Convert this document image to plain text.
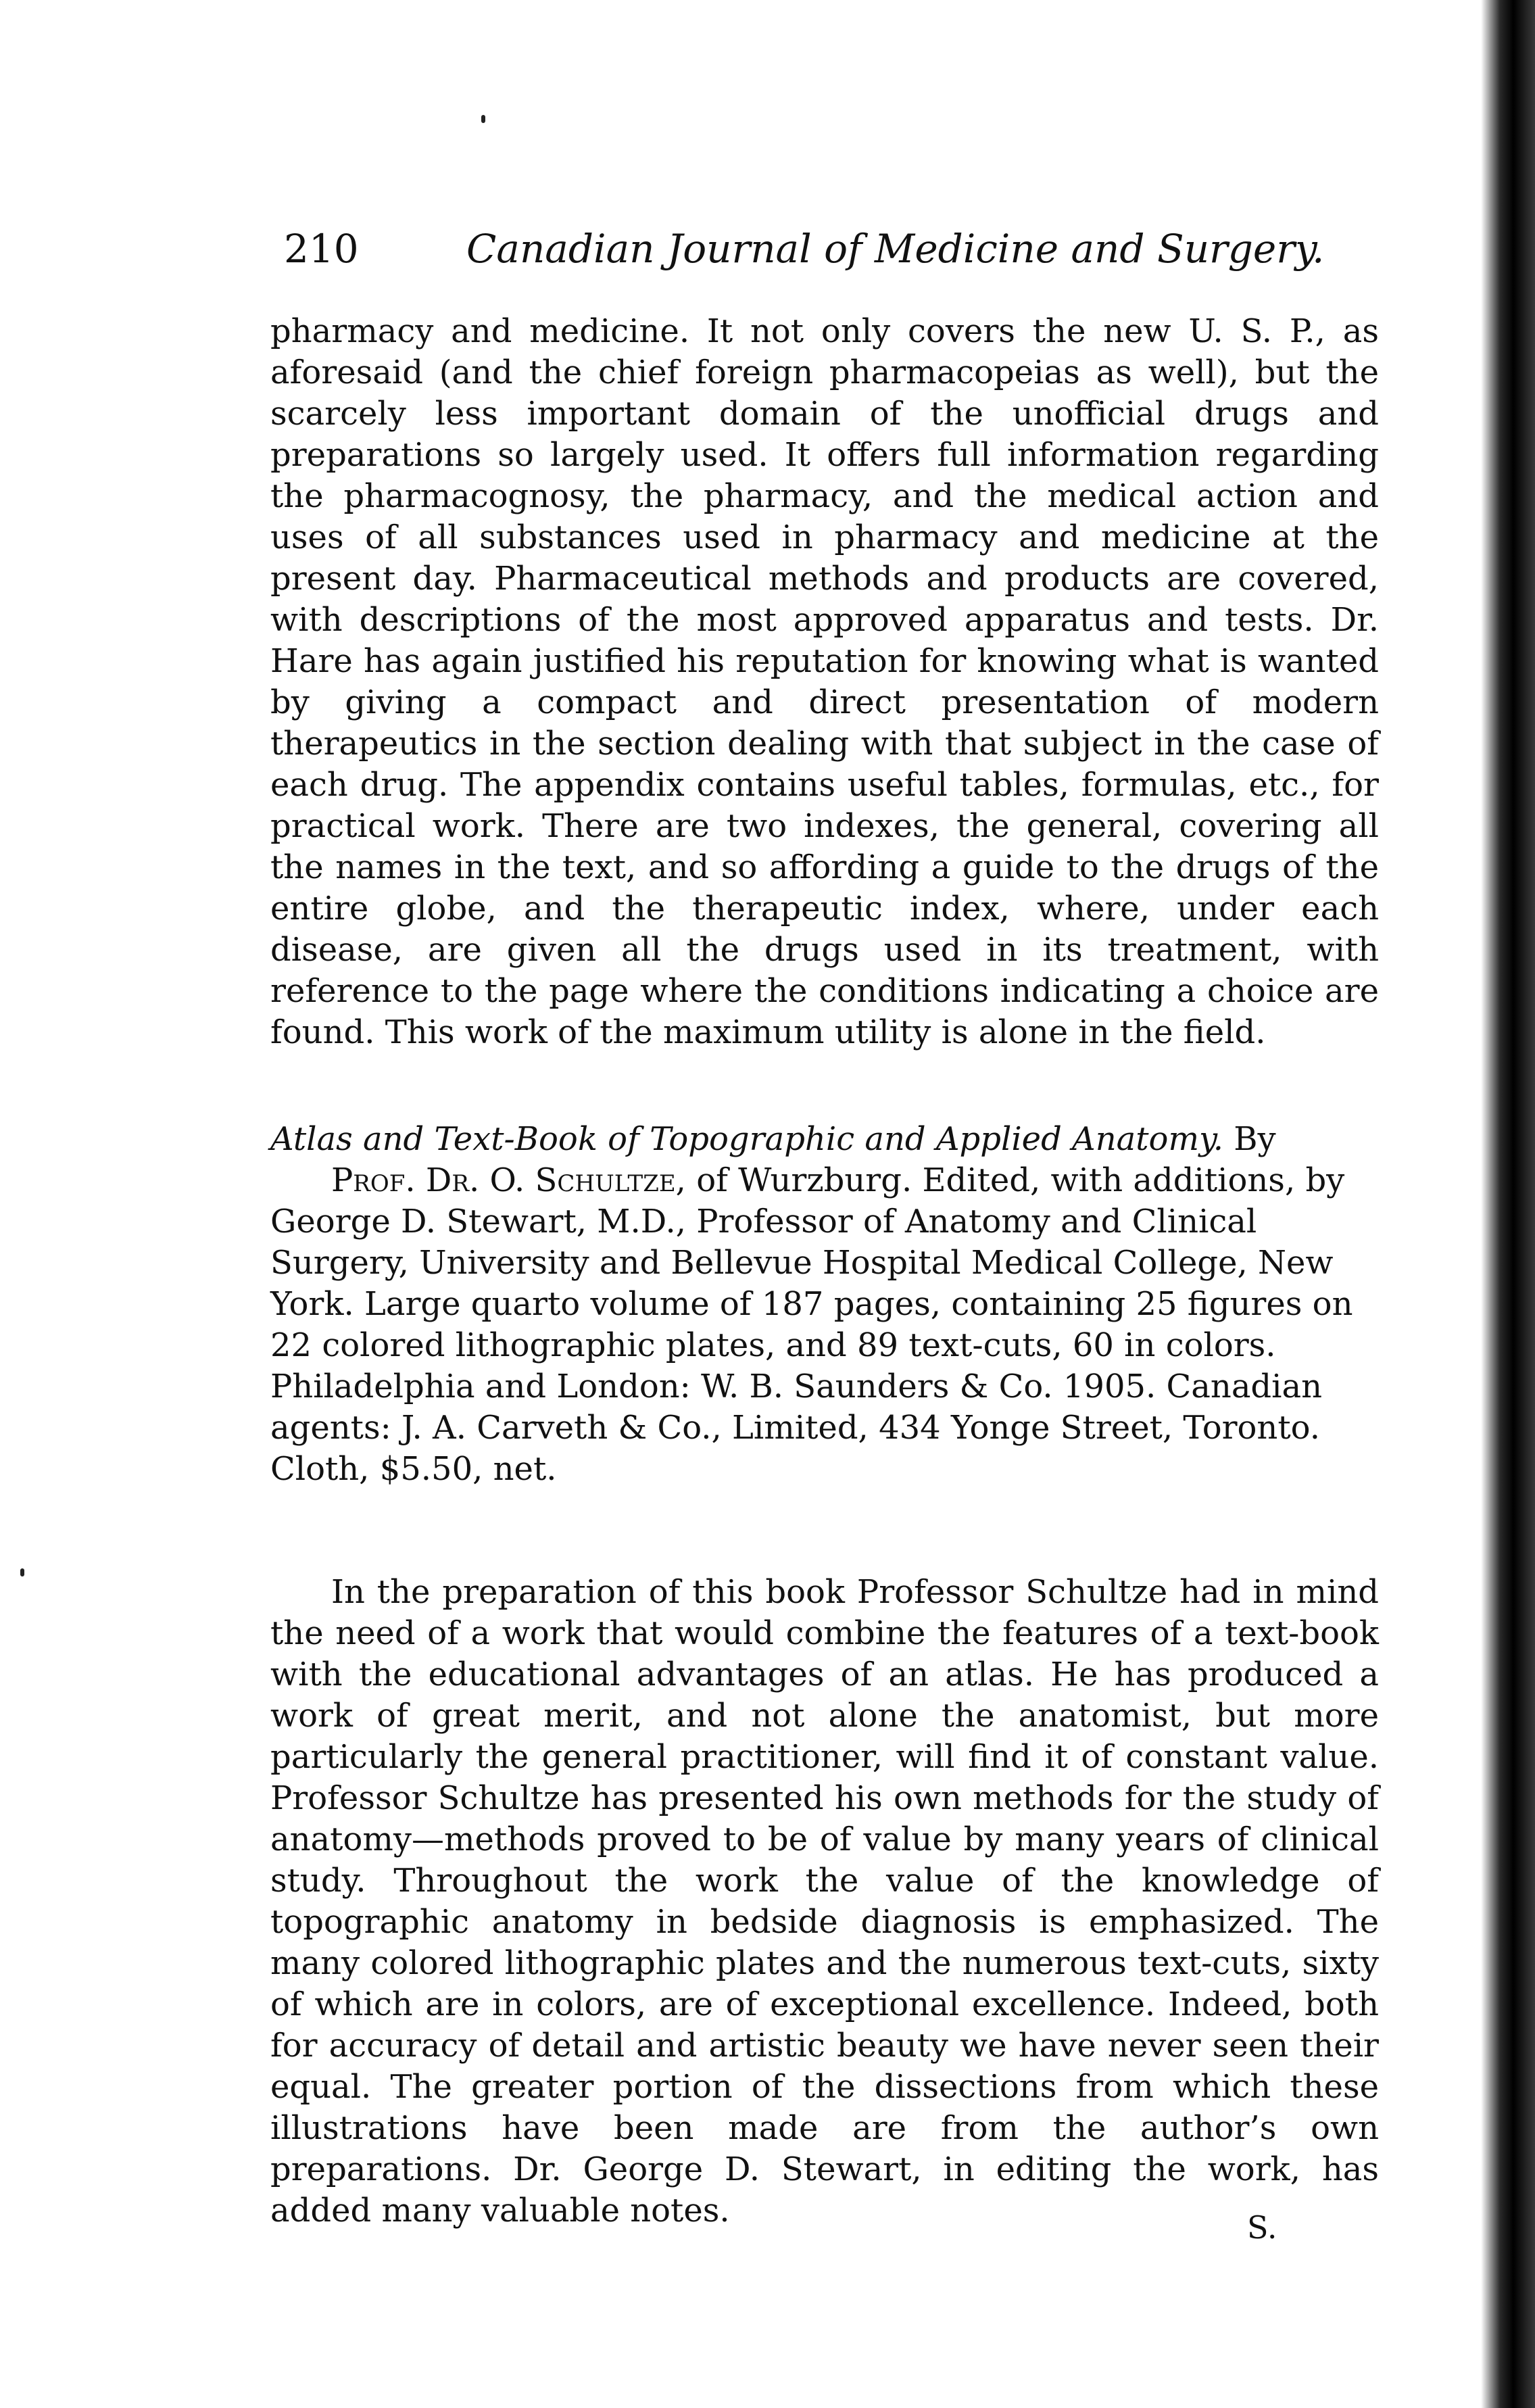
210	Canadian Journal of Medicine and Surgery.

pharmacy and medicine. It not only covers the new U. S. P., as aforesaid (and the chief foreign pharmacopeias as well), but the scarcely less important domain of the unofficial drugs and preparations so largely used. It offers full information regarding the pharmacognosy, the pharmacy, and the medical action and uses of all substances used in pharmacy and medicine at the present day. Pharmaceutical methods and products are covered, with descriptions of the most approved apparatus and tests. Dr. Hare has again justified his reputation for knowing what is wanted by giving a compact and direct presentation of modern therapeutics in the section dealing with that subject in the case of each drug. The appendix contains useful tables, formulas, etc., for practical work. There are two indexes, the general, covering all the names in the text, and so affording a guide to the drugs of the entire globe, and the therapeutic index, where, under each disease, are given all the drugs used in its treatment, with reference to the page where the conditions indicating a choice are found. This work of the maximum utility is alone in the field.

Atlas and Text-Book of Topographic and Applied Anatomy. By
Prof. Dr. O. Schultze, of Wurzburg. Edited, with additions, by George D. Stewart, M.D., Professor of Anatomy and Clinical Surgery, University and Bellevue Hospital Medical College, New York. Large quarto volume of 187 pages, containing 25 figures on 22 colored lithographic plates, and 89 text-cuts, 60 in colors. Philadelphia and London: W. B. Saunders & Co. 1905. Canadian agents: J. A. Carveth & Co., Limited, 434 Yonge Street, Toronto. Cloth, $5.50, net.

In the preparation of this book Professor Schultze had in mind the need of a work that would combine the features of a text-book with the educational advantages of an atlas. He has produced a work of great merit, and not alone the anatomist, but more particularly the general practitioner, will find it of constant value. Professor Schultze has presented his own methods for the study of anatomy—methods proved to be of value by many years of clinical study. Throughout the work the value of the knowledge of topographic anatomy in bedside diagnosis is emphasized. The many colored lithographic plates and the numerous text-cuts, sixty of which are in colors, are of exceptional excellence. Indeed, both for accuracy of detail and artistic beauty we have never seen their equal. The greater portion of the dissections from which these illustrations have been made are from the author’s own preparations. Dr. George D. Stewart, in editing the work, has added many valuable notes.	S.
